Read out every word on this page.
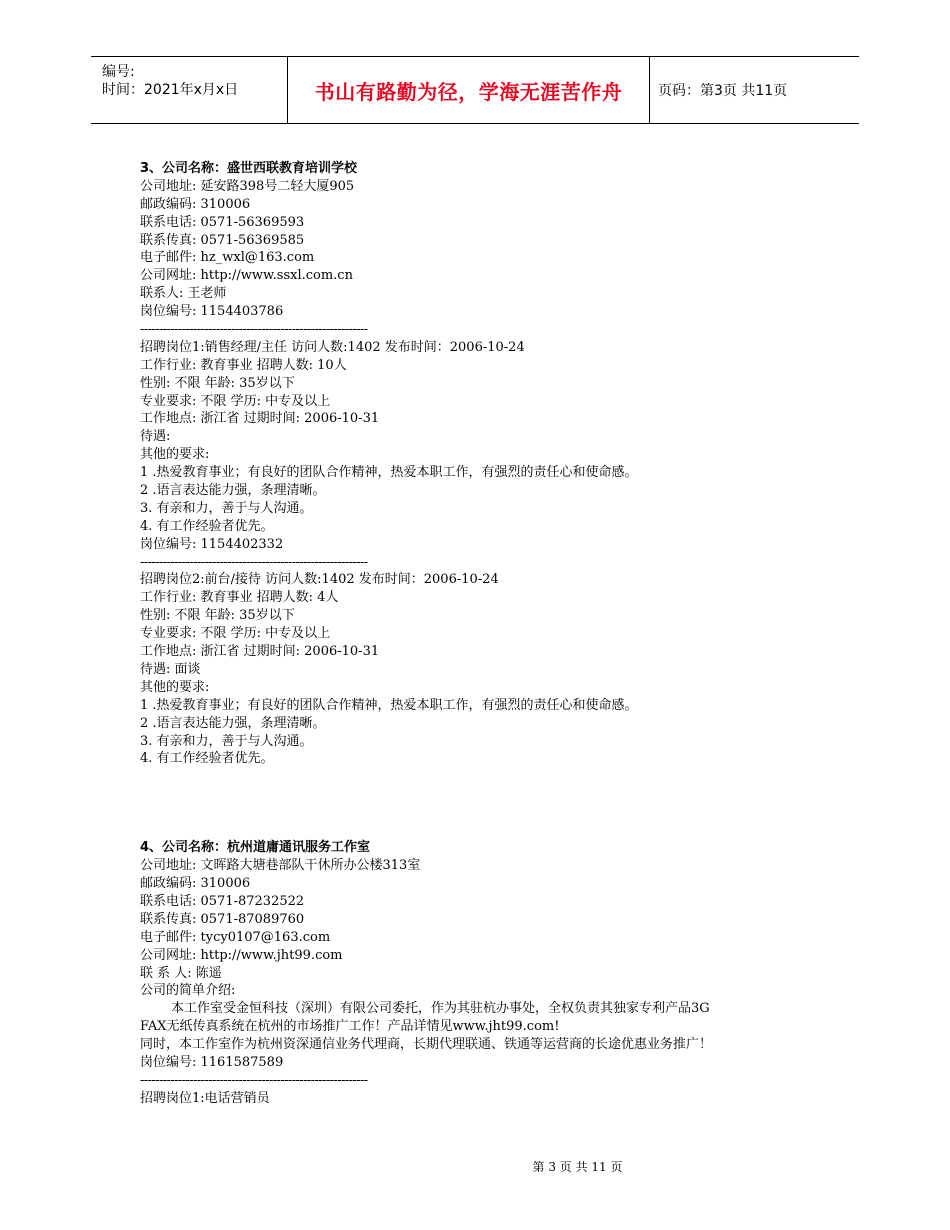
编号:
时间：2021年x月x日	书山有路勤为径，学海无涯苦作舟	页码：第3页 共11页
3、公司名称：盛世西联教育培训学校
公司地址: 延安路398号二轻大厦905
邮政编码: 310006
联系电话: 0571-56369593
联系传真: 0571-56369585
电子邮件: hz_wxl@163.com
公司网址: http://www.ssxl.com.cn
联系人: 王老师
岗位编号: 1154403786
------------------------------------------------------------
招聘岗位1:销售经理/主任 访问人数:1402 发布时间：2006-10-24
工作行业: 教育事业 招聘人数: 10人
性别: 不限 年龄: 35岁以下
专业要求: 不限 学历: 中专及以上
工作地点: 浙江省 过期时间: 2006-10-31
待遇:
其他的要求:
1 .热爱教育事业；有良好的团队合作精神，热爱本职工作，有强烈的责任心和使命感。
2 .语言表达能力强，条理清晰。
3. 有亲和力，善于与人沟通。
4. 有工作经验者优先。
岗位编号: 1154402332
------------------------------------------------------------
招聘岗位2:前台/接待 访问人数:1402 发布时间：2006-10-24
工作行业: 教育事业 招聘人数: 4人
性别: 不限 年龄: 35岁以下
专业要求: 不限 学历: 中专及以上
工作地点: 浙江省 过期时间: 2006-10-31
待遇: 面谈
其他的要求:
1 .热爱教育事业；有良好的团队合作精神，热爱本职工作，有强烈的责任心和使命感。
2 .语言表达能力强，条理清晰。
3. 有亲和力，善于与人沟通。
4. 有工作经验者优先。
4、公司名称：杭州道庸通讯服务工作室
公司地址: 文晖路大塘巷部队干休所办公楼313室
邮政编码: 310006
联系电话: 0571-87232522
联系传真: 0571-87089760
电子邮件: tycy0107@163.com
公司网址: http://www.jht99.com
联 系 人: 陈遥
公司的简单介绍:
本工作室受金恒科技（深圳）有限公司委托，作为其驻杭办事处，全权负责其独家专利产品3G
FAX无纸传真系统在杭州的市场推广工作！产品详情见www.jht99.com!
同时，本工作室作为杭州资深通信业务代理商，长期代理联通、铁通等运营商的长途优惠业务推广！
岗位编号: 1161587589
------------------------------------------------------------
招聘岗位1:电话营销员
第 3 页 共 11 页
